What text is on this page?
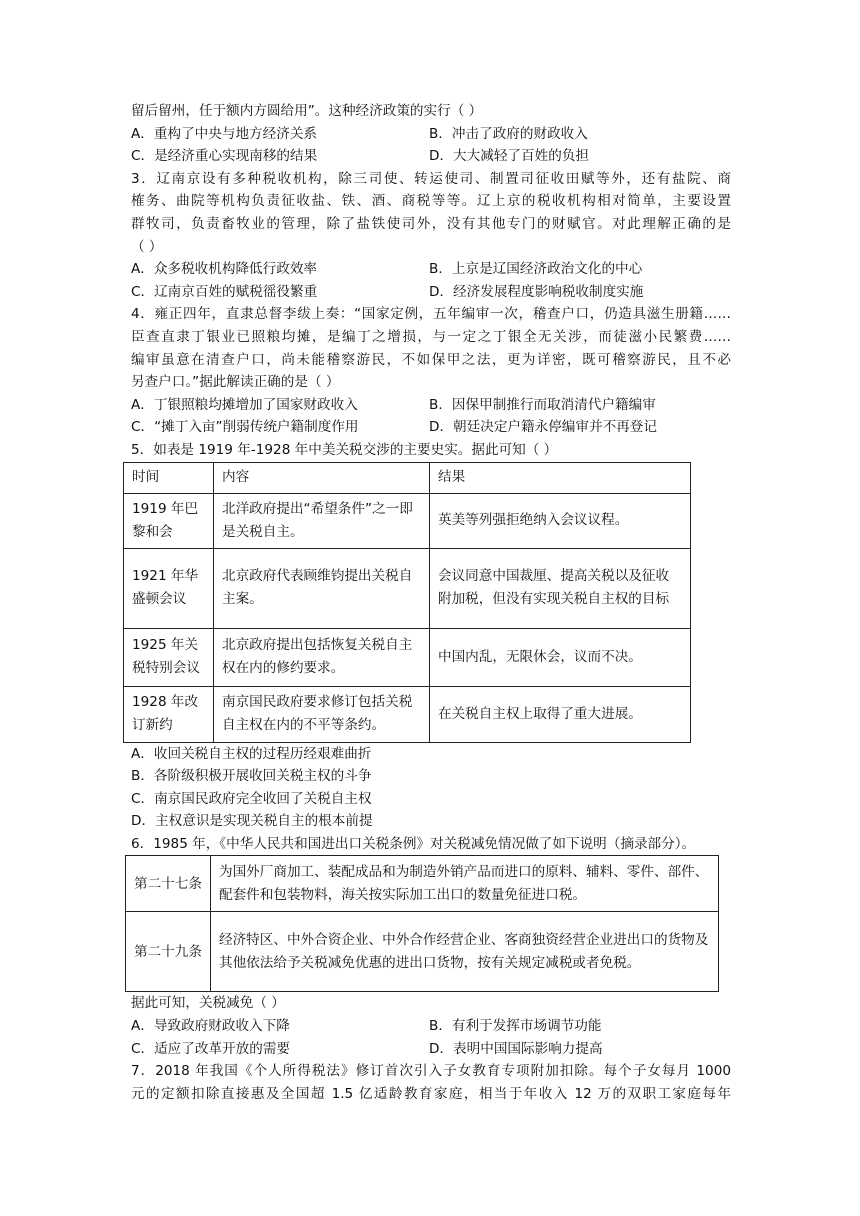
留后留州，任于额内方圆给用”。这种经济政策的实行（ ）
A．重构了中央与地方经济关系	B．冲击了政府的财政收入
C．是经济重心实现南移的结果	D．大大减轻了百姓的负担
3．辽南京设有多种税收机构，除三司使、转运使司、制置司征收田赋等外，还有盐院、商
榷务、曲院等机构负责征收盐、铁、酒、商税等等。辽上京的税收机构相对简单，主要设置
群牧司，负责畜牧业的管理，除了盐铁使司外，没有其他专门的财赋官。对此理解正确的是
（ ）
A．众多税收机构降低行政效率	B．上京是辽国经济政治文化的中心
C．辽南京百姓的赋税徭役繁重	D．经济发展程度影响税收制度实施
4．雍正四年，直隶总督李绂上奏：“国家定例，五年编审一次，稽查户口，仍造具滋生册籍……
臣查直隶丁银业已照粮均摊，是编丁之增损，与一定之丁银全无关涉，而徒滋小民繁费……
编审虽意在清查户口，尚未能稽察游民，不如保甲之法，更为详密，既可稽察游民，且不必
另查户口。”据此解读正确的是（ ）
A．丁银照粮均摊增加了国家财政收入	B．因保甲制推行而取消清代户籍编审
C．“摊丁入亩”削弱传统户籍制度作用	D．朝廷决定户籍永停编审并不再登记
5．如表是 1919 年-1928 年中美关税交涉的主要史实。据此可知（ ）
时间	内容	结果
1919 年巴黎和会	北洋政府提出“希望条件”之一即是关税自主。	英美等列强拒绝纳入会议议程。
1921 年华盛顿会议	北京政府代表顾维钧提出关税自主案。	会议同意中国裁厘、提高关税以及征收附加税，但没有实现关税自主权的目标
1925 年关税特别会议	北京政府提出包括恢复关税自主权在内的修约要求。	中国内乱，无限休会，议而不决。
1928 年改订新约	南京国民政府要求修订包括关税自主权在内的不平等条约。	在关税自主权上取得了重大进展。
A．收回关税自主权的过程历经艰难曲折
B．各阶级积极开展收回关税主权的斗争
C．南京国民政府完全收回了关税自主权
D．主权意识是实现关税自主的根本前提
6．1985 年，《中华人民共和国进出口关税条例》对关税减免情况做了如下说明（摘录部分）。
第二十七条	为国外厂商加工、装配成品和为制造外销产品而进口的原料、辅料、零件、部件、配套件和包装物料，海关按实际加工出口的数量免征进口税。
第二十九条	经济特区、中外合资企业、中外合作经营企业、客商独资经营企业进出口的货物及其他依法给予关税减免优惠的进出口货物，按有关规定减税或者免税。
据此可知，关税减免（ ）
A．导致政府财政收入下降	B．有利于发挥市场调节功能
C．适应了改革开放的需要	D．表明中国国际影响力提高
7．2018 年我国《个人所得税法》修订首次引入子女教育专项附加扣除。每个子女每月 1000
元的定额扣除直接惠及全国超 1.5 亿适龄教育家庭，相当于年收入 12 万的双职工家庭每年
